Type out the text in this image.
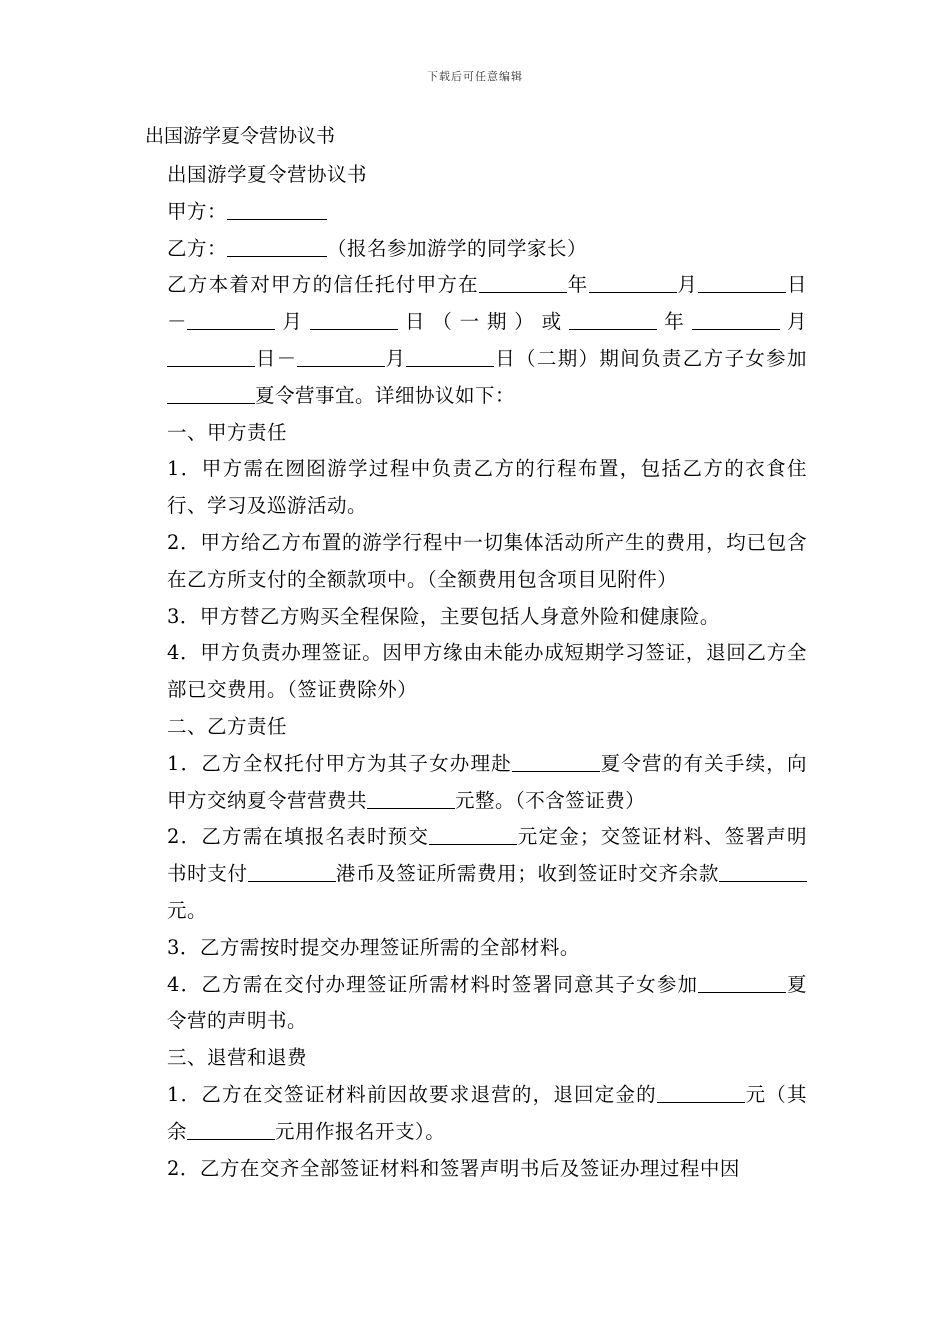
下载后可任意编辑
出国游学夏令营协议书

出国游学夏令营协议书

甲方：

乙方：	（报名参加游学的同学家长）

乙方本着对甲方的信任托付甲方在	年	月	日－	月	日（一期）或	年	月日－	月	日（二期）期间负责乙方子女参加夏令营事宜。详细协议如下：

一、甲方责任

1．甲方需在囫囵游学过程中负责乙方的行程布置，包括乙方的衣食住行、学习及巡游活动。

2．甲方给乙方布置的游学行程中一切集体活动所产生的费用，均已包含在乙方所支付的全额款项中。（全额费用包含项目见附件）

3．甲方替乙方购买全程保险，主要包括人身意外险和健康险。

4．甲方负责办理签证。因甲方缘由未能办成短期学习签证，退回乙方全部已交费用。（签证费除外）

二、乙方责任

1．乙方全权托付甲方为其子女办理赴	夏令营的有关手续，向甲方交纳夏令营营费共	元整。（不含签证费）

2．乙方需在填报名表时预交	元定金；交签证材料、签署声明书时支付	港币及签证所需费用；收到签证时交齐余款元。

3．乙方需按时提交办理签证所需的全部材料。

4．乙方需在交付办理签证所需材料时签署同意其子女参加	夏令营的声明书。

三、退营和退费

1．乙方在交签证材料前因故要求退营的，退回定金的	元（其余	元用作报名开支）。

2．乙方在交齐全部签证材料和签署声明书后及签证办理过程中因
